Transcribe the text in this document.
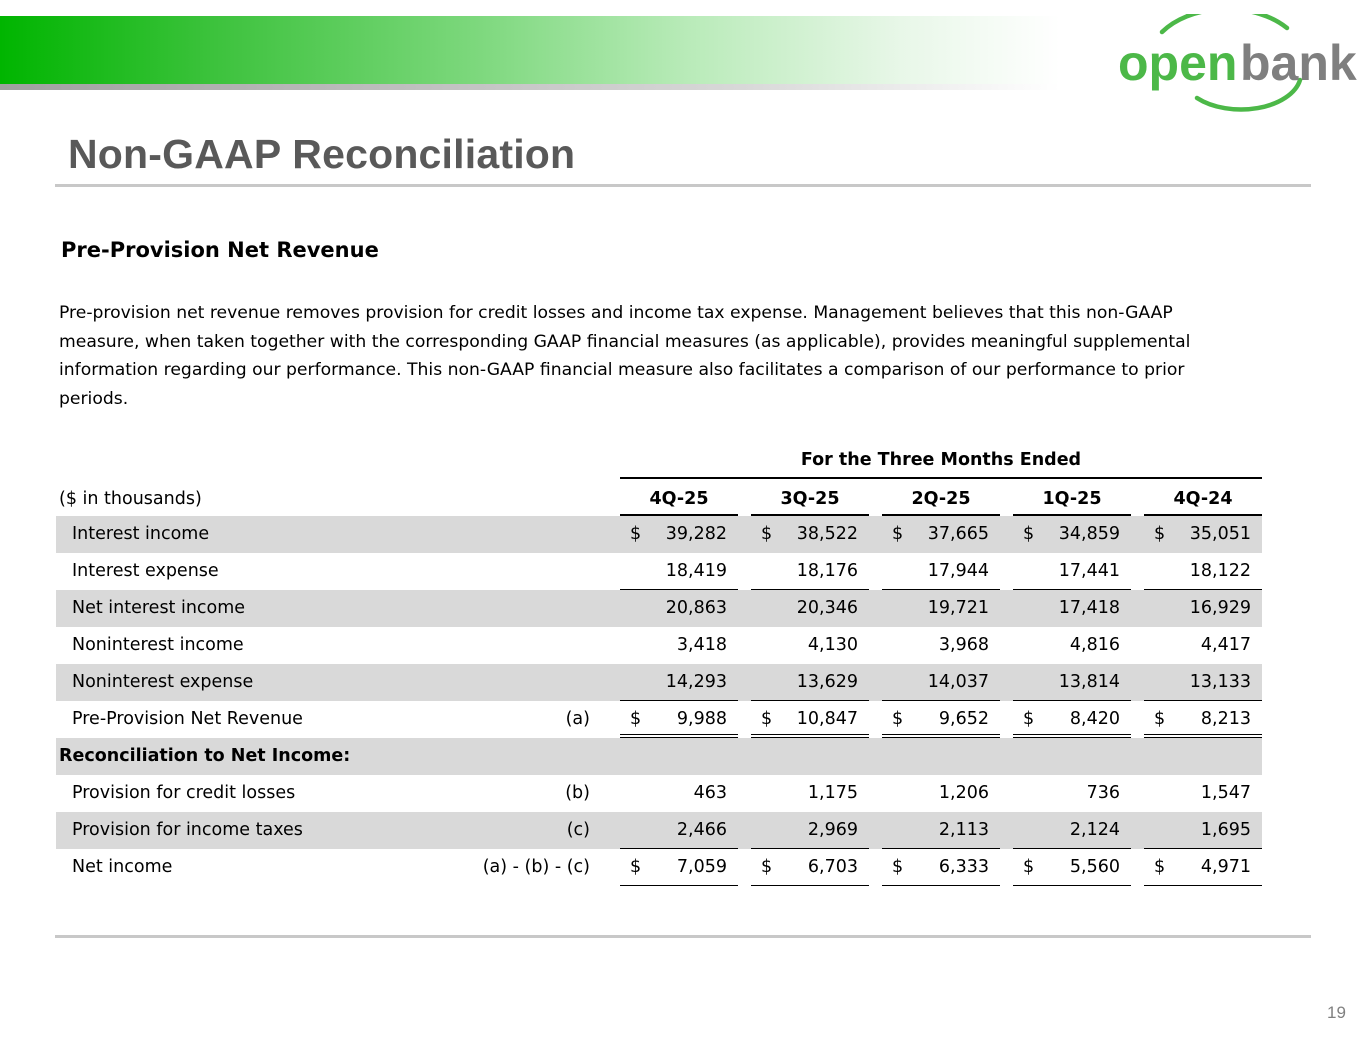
open bank
Non-GAAP Reconciliation
Pre-Provision Net Revenue
Pre-provision net revenue removes provision for credit losses and income tax expense. Management believes that this non-GAAP measure, when taken together with the corresponding GAAP financial measures (as applicable), provides meaningful supplemental information regarding our performance. This non-GAAP financial measure also facilitates a comparison of our performance to prior periods.
For the Three Months Ended
($ in thousands)	4Q-25	3Q-25	2Q-25	1Q-25	4Q-24
Interest income	$ 39,282 $ 38,522 $ 37,665 $ 34,859 $ 35,051
Interest expense	18,419	18,176	17,944	17,441	18,122
Net interest income	20,863	20,346	19,721	17,418	16,929
Noninterest income	3,418	4,130	3,968	4,816	4,417
Noninterest expense	14,293	13,629	14,037	13,814	13,133
Pre-Provision Net Revenue	(a) $ 9,988 $ 10,847 $ 9,652 $ 8,420 $ 8,213
Reconciliation to Net Income:
Provision for credit losses	(b)	463	1,175	1,206	736	1,547
Provision for income taxes	(c)	2,466	2,969	2,113	2,124	1,695
Net income	(a) - (b) - (c) $ 7,059 $ 6,703 $ 6,333 $ 5,560 $ 4,971
19
